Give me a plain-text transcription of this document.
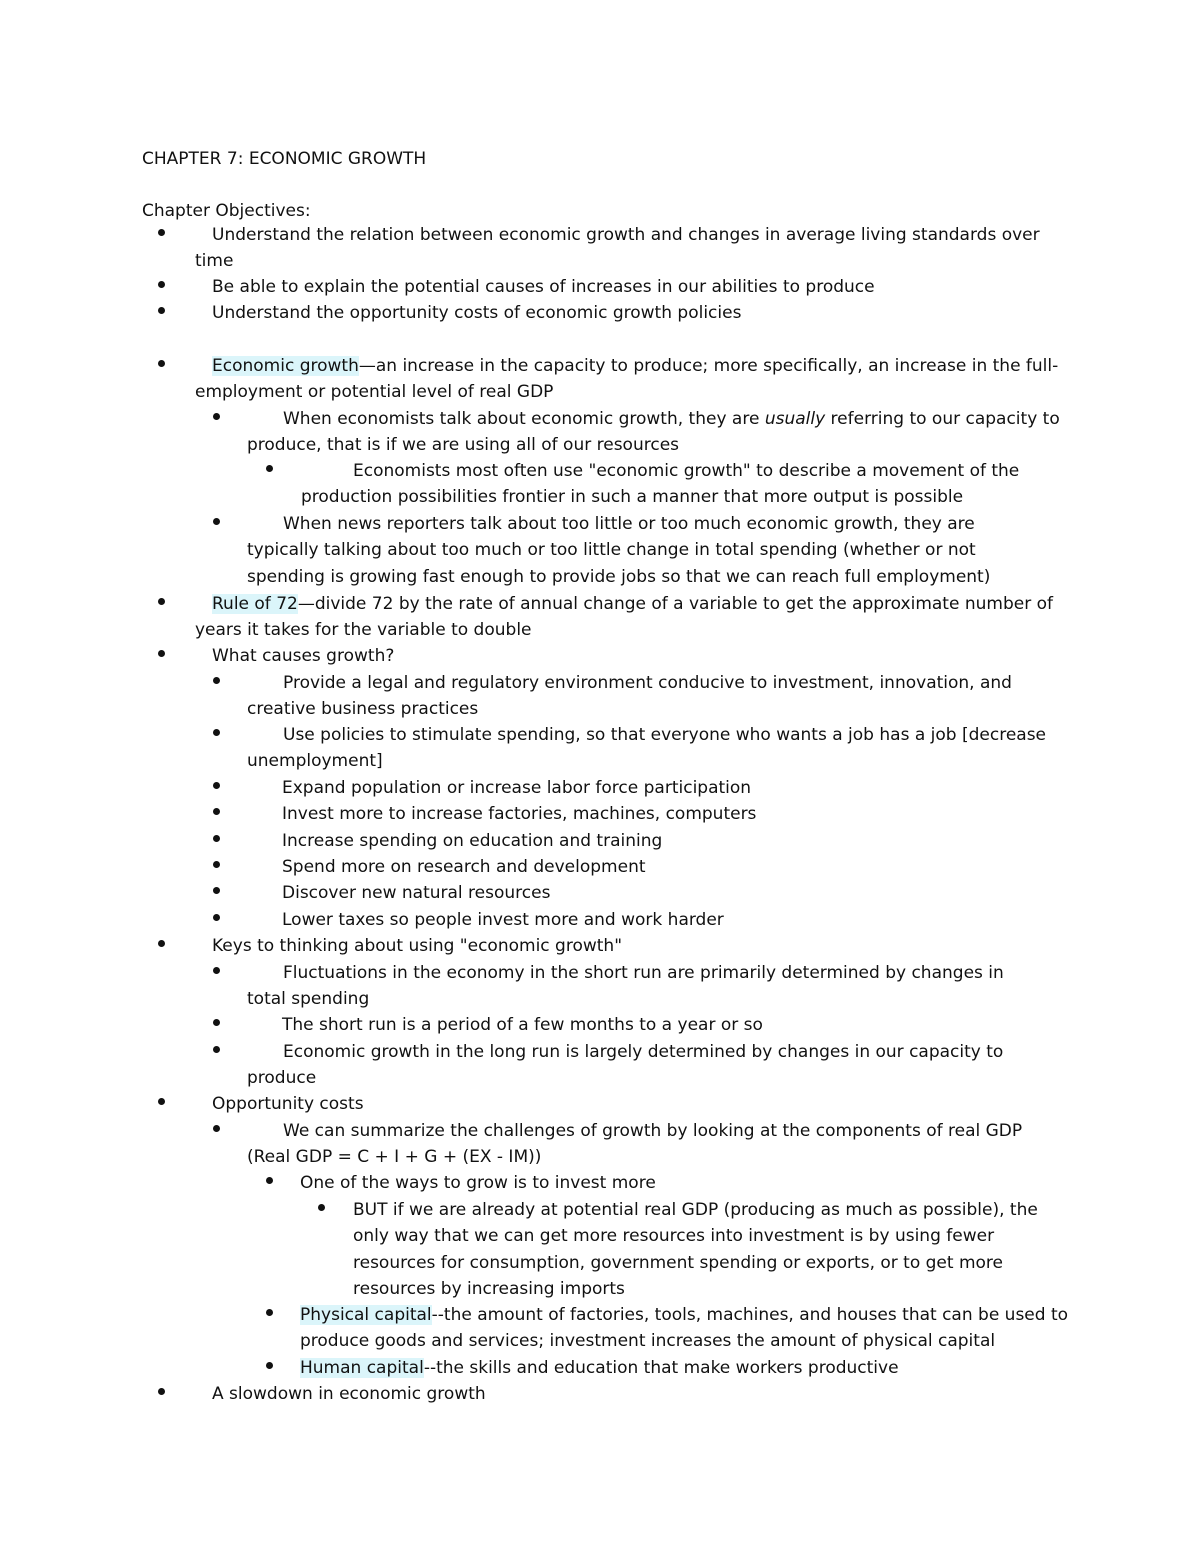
CHAPTER 7: ECONOMIC GROWTH
Chapter Objectives:

Understand the relation between economic growth and changes in average living standards over time

Be able to explain the potential causes of increases in our abilities to produce

Understand the opportunity costs of economic growth policies

Economic growth—an increase in the capacity to produce; more specifically, an increase in the full-employment or potential level of real GDP

When economists talk about economic growth, they are usually referring to our capacity to produce, that is if we are using all of our resources

Economists most often use "economic growth" to describe a movement of the production possibilities frontier in such a manner that more output is possible

When news reporters talk about too little or too much economic growth, they are typically talking about too much or too little change in total spending (whether or not spending is growing fast enough to provide jobs so that we can reach full employment)

Rule of 72—divide 72 by the rate of annual change of a variable to get the approximate number of years it takes for the variable to double

What causes growth?

Provide a legal and regulatory environment conducive to investment, innovation, and creative business practices

Use policies to stimulate spending, so that everyone who wants a job has a job [decrease unemployment]

Expand population or increase labor force participation

Invest more to increase factories, machines, computers

Increase spending on education and training

Spend more on research and development

Discover new natural resources

Lower taxes so people invest more and work harder

Keys to thinking about using "economic growth"

Fluctuations in the economy in the short run are primarily determined by changes in total spending

The short run is a period of a few months to a year or so

Economic growth in the long run is largely determined by changes in our capacity to produce

Opportunity costs

We can summarize the challenges of growth by looking at the components of real GDP (Real GDP = C + I + G + (EX - IM))

One of the ways to grow is to invest more

BUT if we are already at potential real GDP (producing as much as possible), the only way that we can get more resources into investment is by using fewer resources for consumption, government spending or exports, or to get more resources by increasing imports

Physical capital--the amount of factories, tools, machines, and houses that can be used to produce goods and services; investment increases the amount of physical capital

Human capital--the skills and education that make workers productive

A slowdown in economic growth
